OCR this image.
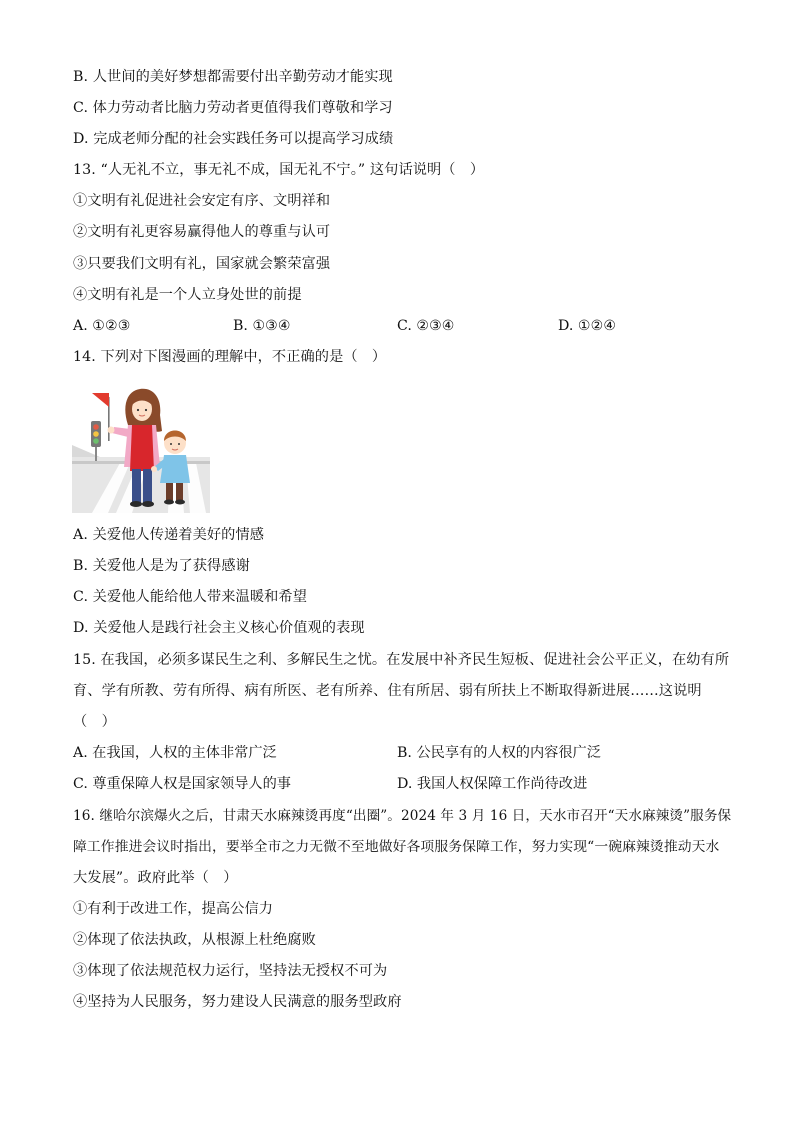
B. 人世间的美好梦想都需要付出辛勤劳动才能实现
C. 体力劳动者比脑力劳动者更值得我们尊敬和学习
D. 完成老师分配的社会实践任务可以提高学习成绩
13. “人无礼不立，事无礼不成，国无礼不宁。” 这句话说明（　）
①文明有礼促进社会安定有序、文明祥和
②文明有礼更容易赢得他人的尊重与认可
③只要我们文明有礼，国家就会繁荣富强
④文明有礼是一个人立身处世的前提
A. ①②③	B. ①③④	C. ②③④	D. ①②④
14. 下列对下图漫画的理解中，不正确的是（　）
A. 关爱他人传递着美好的情感
B. 关爱他人是为了获得感谢
C. 关爱他人能给他人带来温暖和希望
D. 关爱他人是践行社会主义核心价值观的表现
15. 在我国，必须多谋民生之利、多解民生之忧。在发展中补齐民生短板、促进社会公平正义，在幼有所
育、学有所教、劳有所得、病有所医、老有所养、住有所居、弱有所扶上不断取得新进展……这说明
（　）
A. 在我国，人权的主体非常广泛	B. 公民享有的人权的内容很广泛
C. 尊重保障人权是国家领导人的事	D. 我国人权保障工作尚待改进
16. 继哈尔滨爆火之后，甘肃天水麻辣烫再度“出圈”。2024 年 3 月 16 日，天水市召开“天水麻辣烫”服务保
障工作推进会议时指出，要举全市之力无微不至地做好各项服务保障工作，努力实现“一碗麻辣烫推动天水
大发展”。政府此举（　）
①有利于改进工作，提高公信力
②体现了依法执政，从根源上杜绝腐败
③体现了依法规范权力运行，坚持法无授权不可为
④坚持为人民服务，努力建设人民满意的服务型政府
